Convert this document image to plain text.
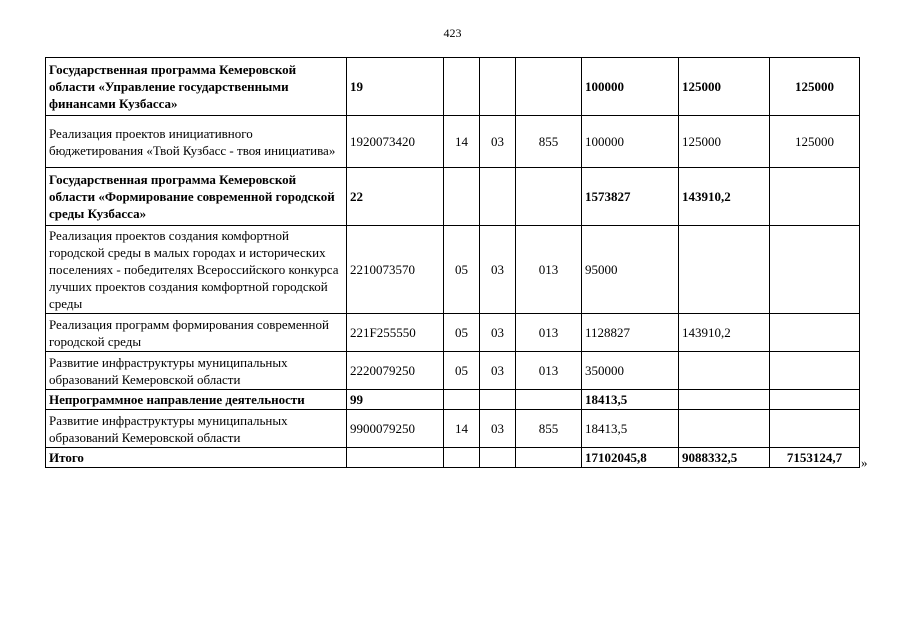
423
Государственная программа Кемеровской области «Управление государственными финансами Кузбасса»	19				100000	125000	125000
Реализация проектов инициативного бюджетирования «Твой Кузбасс - твоя инициатива»	1920073420	14	03	855	100000	125000	125000
Государственная программа Кемеровской области «Формирование современной городской среды Кузбасса»	22				1573827	143910,2	
Реализация проектов создания комфортной городской среды в малых городах и исторических поселениях - победителях Всероссийского конкурса лучших проектов создания комфортной городской среды	2210073570	05	03	013	95000		
Реализация программ формирования современной городской среды	221F255550	05	03	013	1128827	143910,2	
Развитие инфраструктуры муниципальных образований Кемеровской области	2220079250	05	03	013	350000		
Непрограммное направление деятельности	99				18413,5		
Развитие инфраструктуры муниципальных образований Кемеровской области	9900079250	14	03	855	18413,5		
Итого					17102045,8	9088332,5	7153124,7 »
